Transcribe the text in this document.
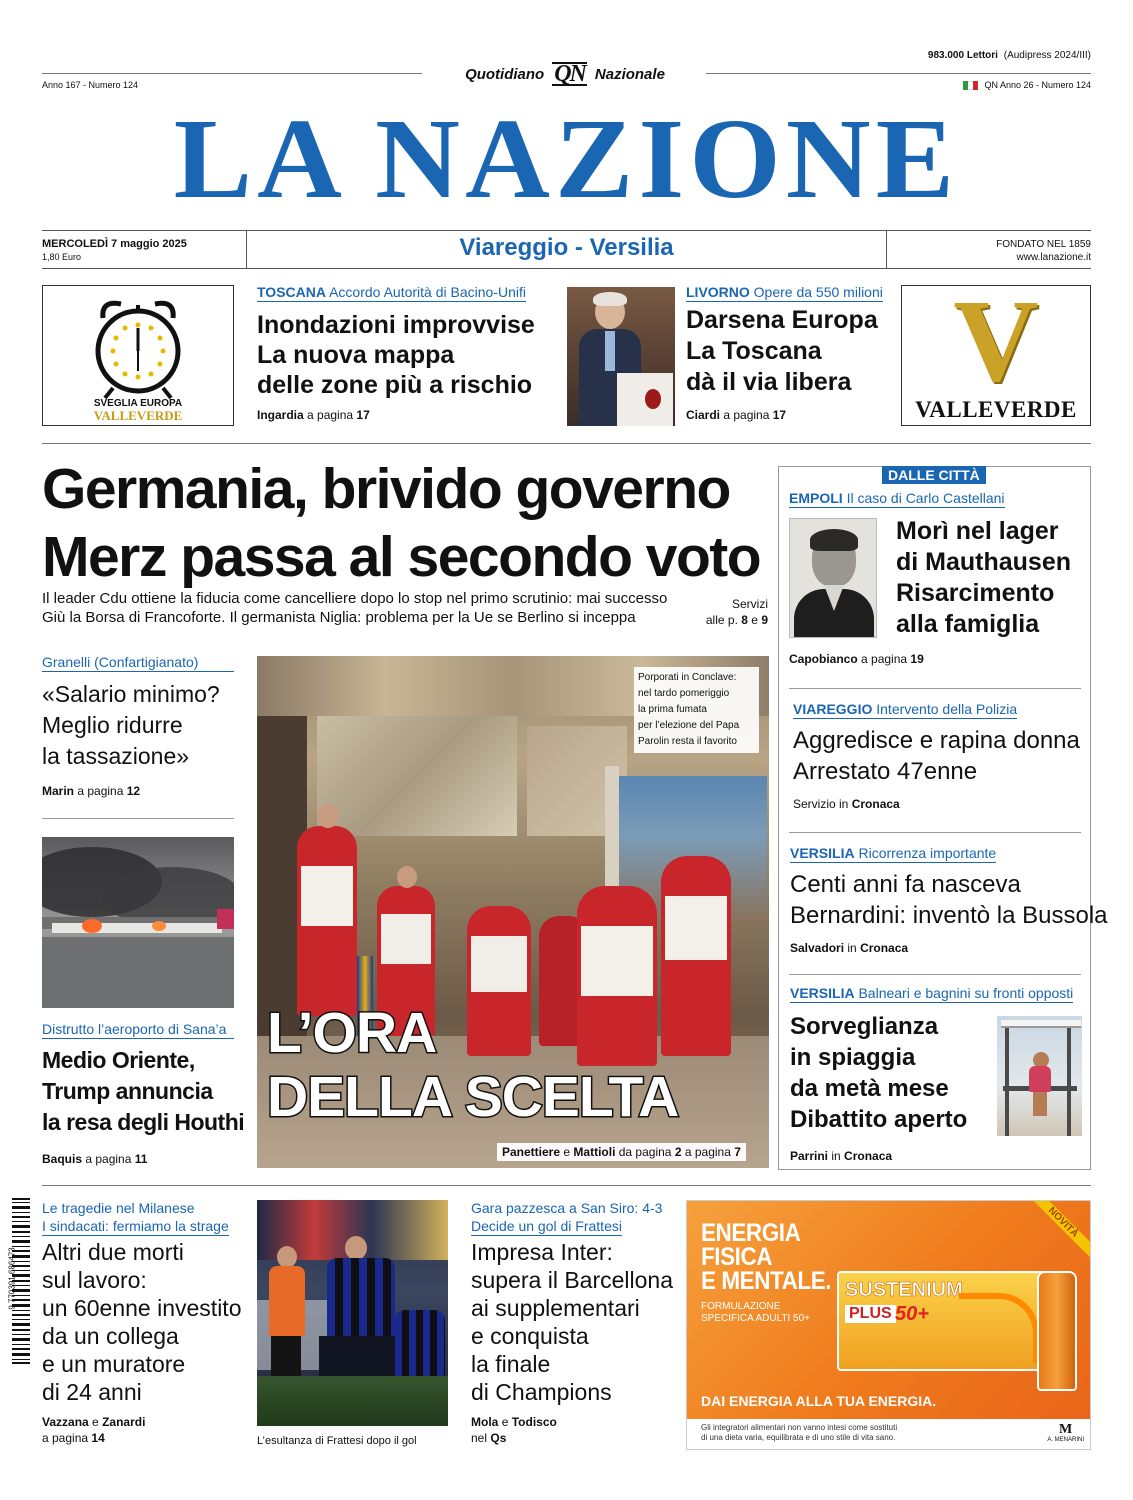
983.000 Lettori (Audipress 2024/III)
Quotidiano QN Nazionale
Anno 167 - Numero 124	QN Anno 26 - Numero 124
LA NAZIONE
MERCOLEDÌ 7 maggio 2025
1,80 Euro	Viareggio - Versilia	FONDATO NEL 1859
www.lanazione.it
SVEGLIA EUROPA
VALLEVERDE
TOSCANA Accordo Autorità di Bacino-Unifi
Inondazioni improvvise
La nuova mappa
delle zone più a rischio
Ingardia a pagina 17
LIVORNO Opere da 550 milioni
Darsena Europa
La Toscana
dà il via libera
Ciardi a pagina 17
V
VALLEVERDE
Germania, brivido governo
Merz passa al secondo voto
Il leader Cdu ottiene la fiducia come cancelliere dopo lo stop nel primo scrutinio: mai successo
Giù la Borsa di Francoforte. Il germanista Niglia: problema per la Ue se Berlino si inceppa
Servizi
alle p. 8 e 9
DALLE CITTÀ
EMPOLI Il caso di Carlo Castellani
Morì nel lager
di Mauthausen
Risarcimento
alla famiglia
Capobianco a pagina 19
VIAREGGIO Intervento della Polizia
Aggredisce e rapina donna
Arrestato 47enne
Servizio in Cronaca
VERSILIA Ricorrenza importante
Centi anni fa nasceva
Bernardini: inventò la Bussola
Salvadori in Cronaca
VERSILIA Balneari e bagnini su fronti opposti
Sorveglianza
in spiaggia
da metà mese
Dibattito aperto
Parrini in Cronaca
Granelli (Confartigianato)
«Salario minimo?
Meglio ridurre
la tassazione»
Marin a pagina 12
Distrutto l’aeroporto di Sana’a
Medio Oriente,
Trump annuncia
la resa degli Houthi
Baquis a pagina 11
L’ORA
DELLA SCELTA
Porporati in Conclave:
nel tardo pomeriggio
la prima fumata
per l’elezione del Papa
Parolin resta il favorito
Panettiere e Mattioli da pagina 2 a pagina 7
9 770391 686473
Le tragedie nel Milanese
I sindacati: fermiamo la strage
Altri due morti
sul lavoro:
un 60enne investito
da un collega
e un muratore
di 24 anni
Vazzana e Zanardi
a pagina 14	L’esultanza di Frattesi dopo il gol
Gara pazzesca a San Siro: 4-3
Decide un gol di Frattesi
Impresa Inter:
supera il Barcellona
ai supplementari
e conquista
la finale
di Champions
Mola e Todisco
nel Qs
ENERGIA
FISICA
E MENTALE.
FORMULAZIONE
SPECIFICA ADULTI 50+
NOVITÀ
SUSTENIUM
PLUS 50+
DAI ENERGIA ALLA TUA ENERGIA.
Gli integratori alimentari non vanno intesi come sostituti
di una dieta varia, equilibrata e di uno stile di vita sano.
M
A. MENARINI
